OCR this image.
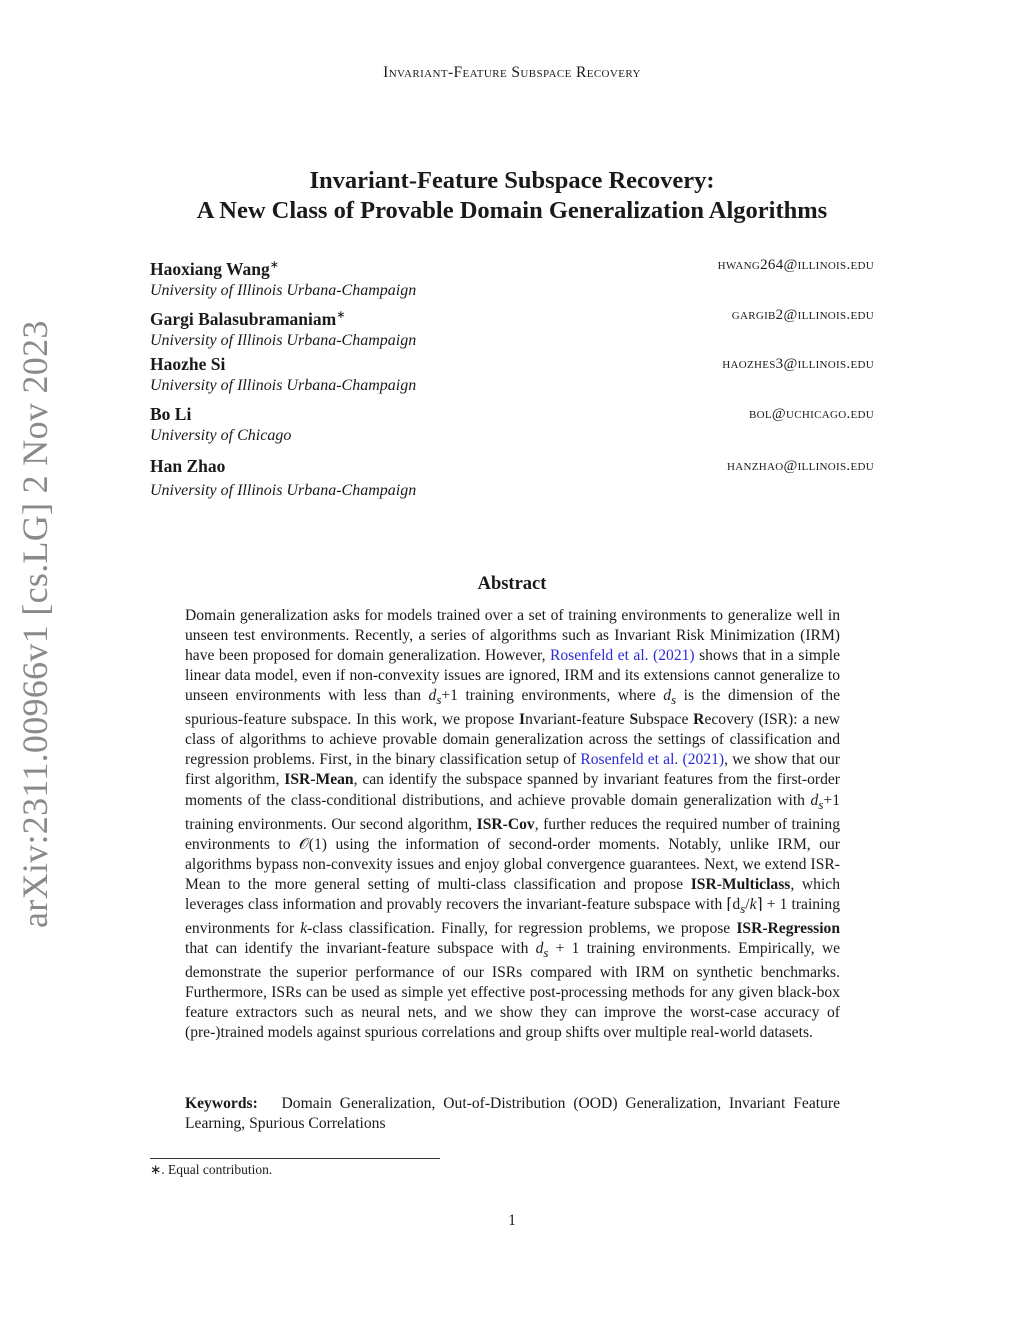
Invariant-Feature Subspace Recovery
Invariant-Feature Subspace Recovery:
A New Class of Provable Domain Generalization Algorithms
Haoxiang Wang∗
University of Illinois Urbana-Champaign
hwang264@illinois.edu
Gargi Balasubramaniam∗
University of Illinois Urbana-Champaign
gargib2@illinois.edu
Haozhe Si
University of Illinois Urbana-Champaign
haozhes3@illinois.edu
Bo Li
University of Chicago
bol@uchicago.edu
Han Zhao
University of Illinois Urbana-Champaign
hanzhao@illinois.edu
arXiv:2311.00966v1 [cs.LG] 2 Nov 2023	Abstract
Domain generalization asks for models trained over a set of training environments to generalize well in unseen test environments. Recently, a series of algorithms such as Invariant Risk Minimization (IRM) have been proposed for domain generalization. However, Rosenfeld et al. (2021) shows that in a simple linear data model, even if non-convexity issues are ignored, IRM and its extensions cannot generalize to unseen environments with less than $d_s+1$ training environments, where $d_s$ is the dimension of the spurious-feature subspace. In this work, we propose Invariant-feature Subspace Recovery (ISR): a new class of algorithms to achieve provable domain generalization across the settings of classification and regression problems. First, in the binary classification setup of Rosenfeld et al. (2021), we show that our first algorithm, ISR-Mean, can identify the subspace spanned by invariant features from the first-order moments of the class-conditional distributions, and achieve provable domain generalization with $d_s+1$ training environments. Our second algorithm, ISR-Cov, further reduces the required number of training environments to 𝒪(1) using the information of second-order moments. Notably, unlike IRM, our algorithms bypass non-convexity issues and enjoy global convergence guarantees. Next, we extend ISR-Mean to the more general setting of multi-class classification and propose ISR-Multiclass, which leverages class information and provably recovers the invariant-feature subspace with $⌈d_s/k⌉ + 1$ training environments for k-class classification. Finally, for regression problems, we propose ISR-Regression that can identify the invariant-feature subspace with $d_s + 1$ training environments. Empirically, we demonstrate the superior performance of our ISRs compared with IRM on synthetic benchmarks. Furthermore, ISRs can be used as simple yet effective post-processing methods for any given black-box feature extractors such as neural nets, and we show they can improve the worst-case accuracy of (pre-)trained models against spurious correlations and group shifts over multiple real-world datasets.
Keywords: Domain Generalization, Out-of-Distribution (OOD) Generalization, Invariant Feature Learning, Spurious Correlations
∗. Equal contribution.
1
